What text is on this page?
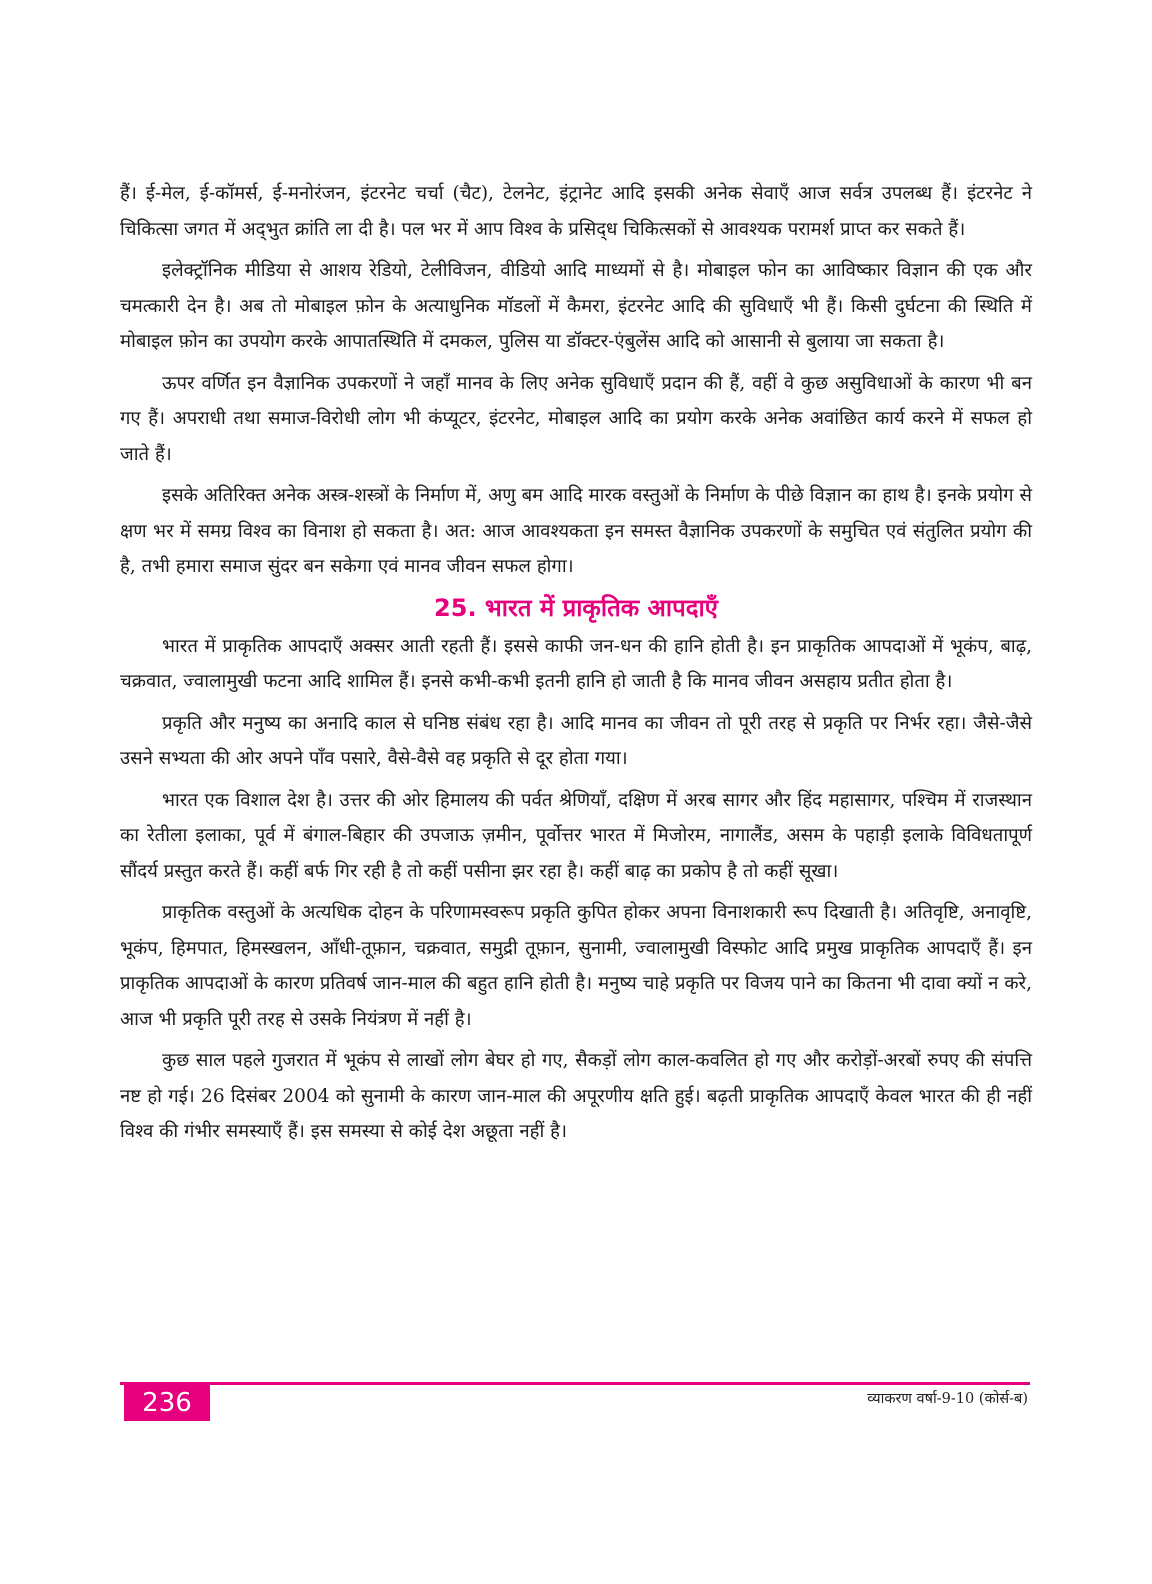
हैं। ई-मेल, ई-कॉमर्स, ई-मनोरंजन, इंटरनेट चर्चा (चैट), टेलनेट, इंट्रानेट आदि इसकी अनेक सेवाएँ आज सर्वत्र उपलब्ध हैं। इंटरनेट ने चिकित्सा जगत में अद्‌भुत क्रांति ला दी है। पल भर में आप विश्व के प्रसिद्‌ध चिकित्सकों से आवश्यक परामर्श प्राप्त कर सकते हैं।

इलेक्ट्रॉनिक मीडिया से आशय रेडियो, टेलीविजन, वीडियो आदि माध्यमों से है। मोबाइल फोन का आविष्कार विज्ञान की एक और चमत्कारी देन है। अब तो मोबाइल फ़ोन के अत्याधुनिक मॉडलों में कैमरा, इंटरनेट आदि की सुविधाएँ भी हैं। किसी दुर्घटना की स्थिति में मोबाइल फ़ोन का उपयोग करके आपातस्थिति में दमकल, पुलिस या डॉक्टर-एंबुलेंस आदि को आसानी से बुलाया जा सकता है।

ऊपर वर्णित इन वैज्ञानिक उपकरणों ने जहाँ मानव के लिए अनेक सुविधाएँ प्रदान की हैं, वहीं वे कुछ असुविधाओं के कारण भी बन गए हैं। अपराधी तथा समाज-विरोधी लोग भी कंप्यूटर, इंटरनेट, मोबाइल आदि का प्रयोग करके अनेक अवांछित कार्य करने में सफल हो जाते हैं।

इसके अतिरिक्त अनेक अस्त्र-शस्त्रों के निर्माण में, अणु बम आदि मारक वस्तुओं के निर्माण के पीछे विज्ञान का हाथ है। इनके प्रयोग से क्षण भर में समग्र विश्व का विनाश हो सकता है। अत: आज आवश्यकता इन समस्त वैज्ञानिक उपकरणों के समुचित एवं संतुलित प्रयोग की है, तभी हमारा समाज सुंदर बन सकेगा एवं मानव जीवन सफल होगा।

25. भारत में प्राकृतिक आपदाएँ

भारत में प्राकृतिक आपदाएँ अक्सर आती रहती हैं। इससे काफी जन-धन की हानि होती है। इन प्राकृतिक आपदाओं में भूकंप, बाढ़, चक्रवात, ज्वालामुखी फटना आदि शामिल हैं। इनसे कभी-कभी इतनी हानि हो जाती है कि मानव जीवन असहाय प्रतीत होता है।

प्रकृति और मनुष्य का अनादि काल से घनिष्ठ संबंध रहा है। आदि मानव का जीवन तो पूरी तरह से प्रकृति पर निर्भर रहा। जैसे-जैसे उसने सभ्यता की ओर अपने पाँव पसारे, वैसे-वैसे वह प्रकृति से दूर होता गया।

भारत एक विशाल देश है। उत्तर की ओर हिमालय की पर्वत श्रेणियाँ, दक्षिण में अरब सागर और हिंद महासागर, पश्चिम में राजस्थान का रेतीला इलाका, पूर्व में बंगाल-बिहार की उपजाऊ ज़मीन, पूर्वोत्तर भारत में मिजोरम, नागालैंड, असम के पहाड़ी इलाके विविधतापूर्ण सौंदर्य प्रस्तुत करते हैं। कहीं बर्फ गिर रही है तो कहीं पसीना झर रहा है। कहीं बाढ़ का प्रकोप है तो कहीं सूखा।

प्राकृतिक वस्तुओं के अत्यधिक दोहन के परिणामस्वरूप प्रकृति कुपित होकर अपना विनाशकारी रूप दिखाती है। अतिवृष्टि, अनावृष्टि, भूकंप, हिमपात, हिमस्खलन, आँधी-तूफ़ान, चक्रवात, समुद्री तूफ़ान, सुनामी, ज्वालामुखी विस्फोट आदि प्रमुख प्राकृतिक आपदाएँ हैं। इन प्राकृतिक आपदाओं के कारण प्रतिवर्ष जान-माल की बहुत हानि होती है। मनुष्य चाहे प्रकृति पर विजय पाने का कितना भी दावा क्यों न करे, आज भी प्रकृति पूरी तरह से उसके नियंत्रण में नहीं है।

कुछ साल पहले गुजरात में भूकंप से लाखों लोग बेघर हो गए, सैकड़ों लोग काल-कवलित हो गए और करोड़ों-अरबों रुपए की संपत्ति नष्ट हो गई। 26 दिसंबर 2004 को सुनामी के कारण जान-माल की अपूरणीय क्षति हुई। बढ़ती प्राकृतिक आपदाएँ केवल भारत की ही नहीं विश्व की गंभीर समस्याएँ हैं। इस समस्या से कोई देश अछूता नहीं है।

236	व्याकरण वर्षा-9-10 (कोर्स-ब)
